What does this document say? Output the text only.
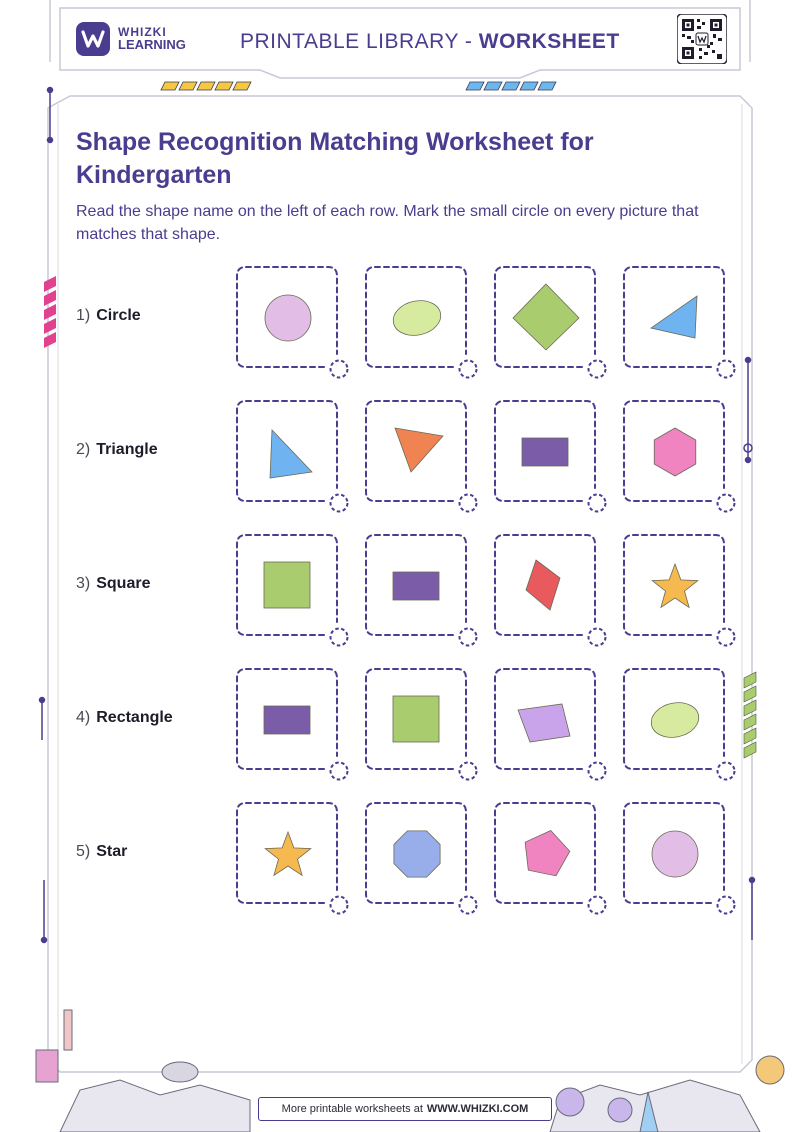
WHIZKI
LEARNING	PRINTABLE LIBRARY - WORKSHEET
Shape Recognition Matching Worksheet for Kindergarten

Read the shape name on the left of each row. Mark the small circle on every picture that matches that shape.

1) Circle
2) Triangle
3) Square
4) Rectangle
5) Star
More printable worksheets at WWW.WHIZKI.COM
